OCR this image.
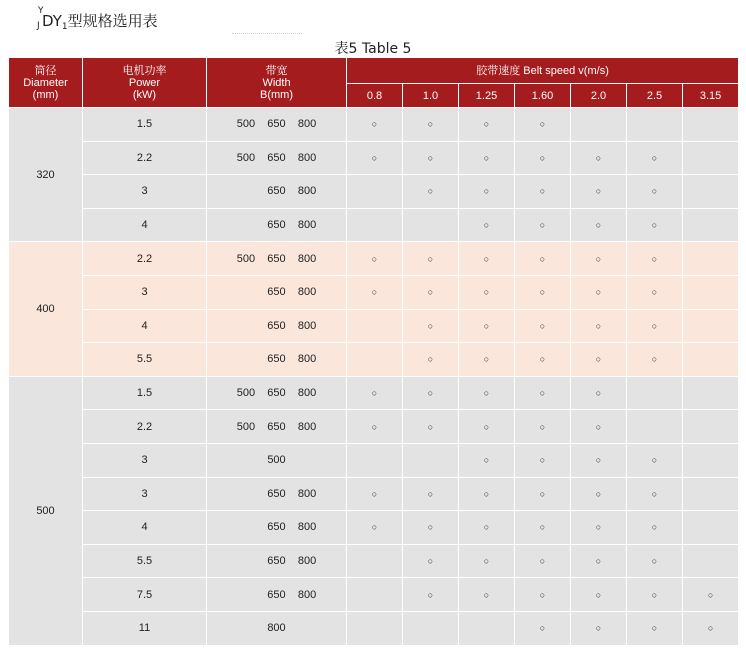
Y
J $DY_1$型规格选用表
表5 Table 5
筒径
Diameter
(mm)	电机功率
Power
(kW)	带宽
Width
B(mm)	胶带速度 Belt speed v(m/s)						
			0.8	1.0	1.25	1.60	2.0	2.5	3.15
320	1.5	500    650    800	○	○	○	○			
	2.2	500    650    800	○	○	○	○	○	○	
	3	650    800		○	○	○	○	○	
	4	650    800			○	○	○	○	
400	2.2	500    650    800	○	○	○	○	○	○	
	3	650    800	○	○	○	○	○	○	
	4	650    800		○	○	○	○	○	
	5.5	650    800		○	○	○	○	○	
500	1.5	500    650    800	○	○	○	○	○		
	2.2	500    650    800	○	○	○	○	○		
	3	500			○	○	○	○	
	3	650    800	○	○	○	○	○	○	
	4	650    800	○	○	○	○	○	○	
	5.5	650    800		○	○	○	○	○	
	7.5	650    800		○	○	○	○	○	○
	11	800				○	○	○	○
